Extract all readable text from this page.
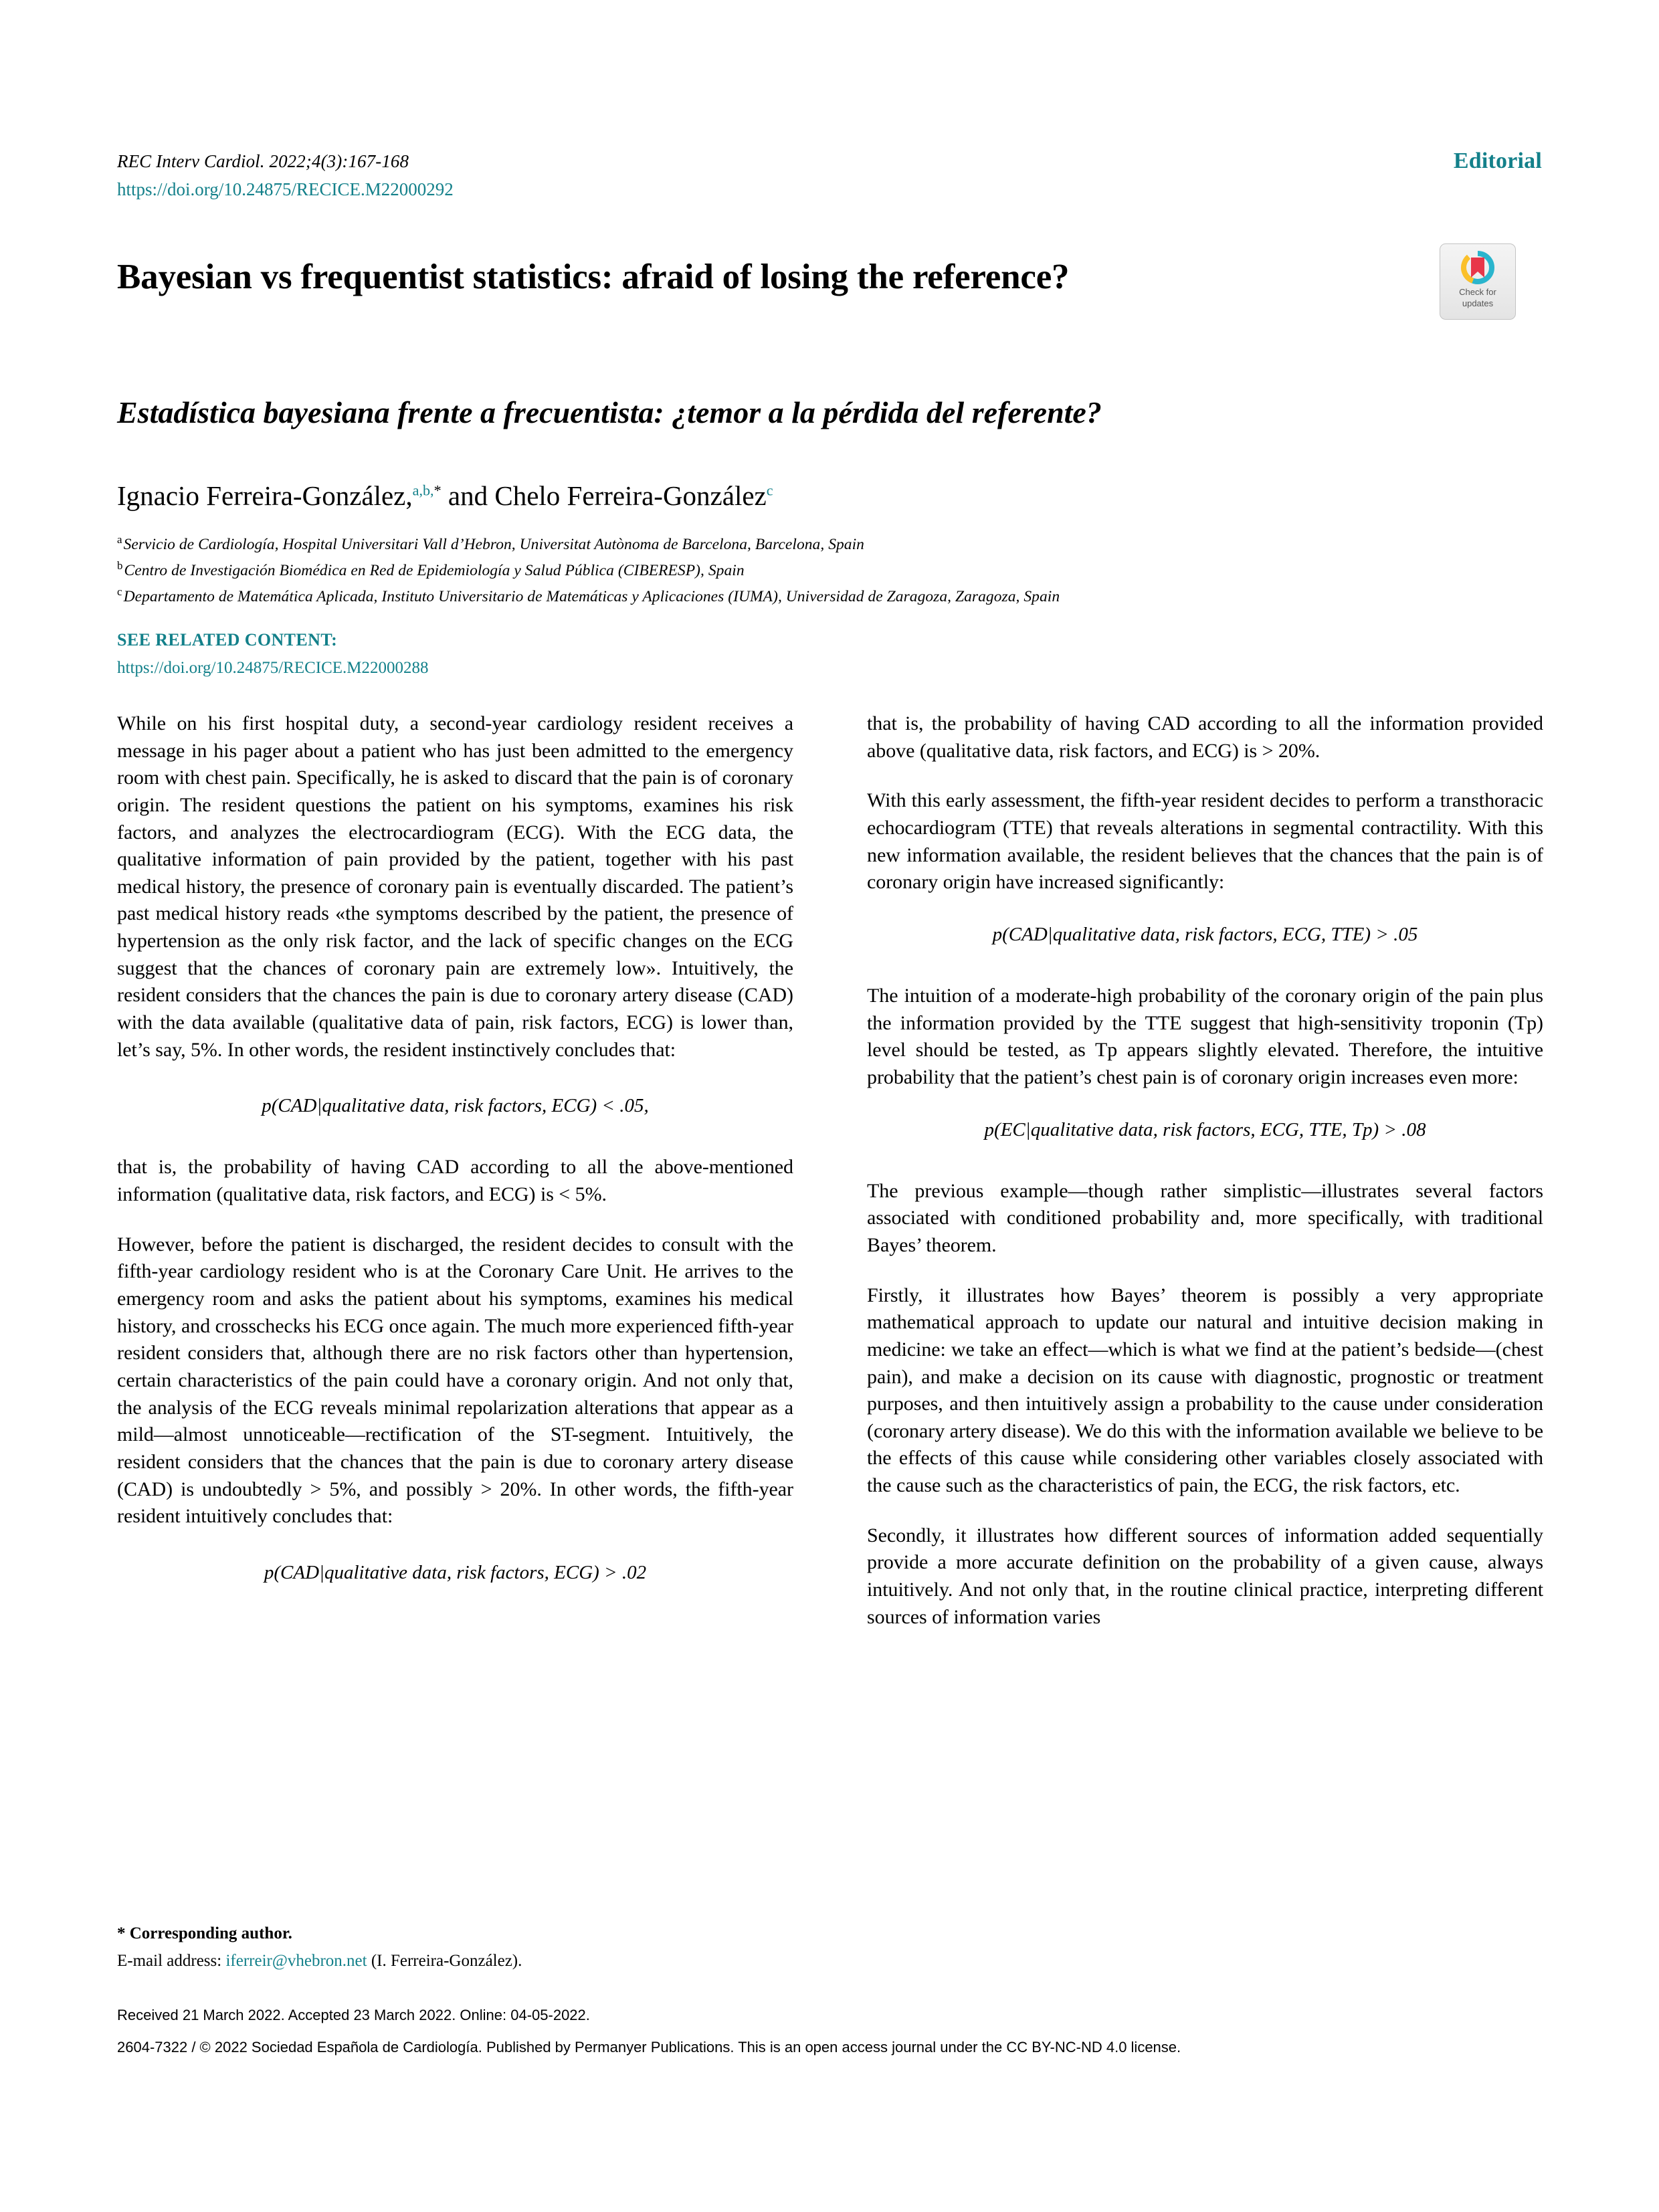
REC Interv Cardiol. 2022;4(3):167-168
https://doi.org/10.24875/RECICE.M22000292
Editorial
Check for
updates
Bayesian vs frequentist statistics: afraid of losing the reference?
Estadística bayesiana frente a frecuentista: ¿temor a la pérdida del referente?
Ignacio Ferreira-González,$^{a,b,*}$ and Chelo Ferreira-González$^c$
$^a$Servicio de Cardiología, Hospital Universitari Vall d’Hebron, Universitat Autònoma de Barcelona, Barcelona, Spain
$^b$Centro de Investigación Biomédica en Red de Epidemiología y Salud Pública (CIBERESP), Spain
$^c$Departamento de Matemática Aplicada, Instituto Universitario de Matemáticas y Aplicaciones (IUMA), Universidad de Zaragoza, Zaragoza, Spain
SEE RELATED CONTENT:
https://doi.org/10.24875/RECICE.M22000288

While on his first hospital duty, a second-year cardiology resident receives a message in his pager about a patient who has just been admitted to the emergency room with chest pain. Specifically, he is asked to discard that the pain is of coronary origin. The resident questions the patient on his symptoms, examines his risk factors, and analyzes the electrocardiogram (ECG). With the ECG data, the qualitative information of pain provided by the patient, together with his past medical history, the presence of coronary pain is eventually discarded. The patient’s past medical history reads «the symptoms described by the patient, the presence of hypertension as the only risk factor, and the lack of specific changes on the ECG suggest that the chances of coronary pain are extremely low». Intuitively, the resident considers that the chances the pain is due to coronary artery disease (CAD) with the data available (qualitative data of pain, risk factors, ECG) is lower than, let’s say, 5%. In other words, the resident instinctively concludes that:

p(CAD|qualitative data, risk factors, ECG) < .05,

that is, the probability of having CAD according to all the above-mentioned information (qualitative data, risk factors, and ECG) is < 5%.

However, before the patient is discharged, the resident decides to consult with the fifth-year cardiology resident who is at the Coronary Care Unit. He arrives to the emergency room and asks the patient about his symptoms, examines his medical history, and crosschecks his ECG once again. The much more experienced fifth-year resident considers that, although there are no risk factors other than hypertension, certain characteristics of the pain could have a coronary origin. And not only that, the analysis of the ECG reveals minimal repolarization alterations that appear as a mild—almost unnoticeable—rectification of the ST-segment. Intuitively, the resident considers that the chances that the pain is due to coronary artery disease (CAD) is undoubtedly > 5%, and possibly > 20%. In other words, the fifth-year resident intuitively concludes that:

p(CAD|qualitative data, risk factors, ECG) > .02

that is, the probability of having CAD according to all the information provided above (qualitative data, risk factors, and ECG) is > 20%.

With this early assessment, the fifth-year resident decides to perform a transthoracic echocardiogram (TTE) that reveals alterations in segmental contractility. With this new information available, the resident believes that the chances that the pain is of coronary origin have increased significantly:

p(CAD|qualitative data, risk factors, ECG, TTE) > .05

The intuition of a moderate-high probability of the coronary origin of the pain plus the information provided by the TTE suggest that high-sensitivity troponin (Tp) level should be tested, as Tp appears slightly elevated. Therefore, the intuitive probability that the patient’s chest pain is of coronary origin increases even more:

p(EC|qualitative data, risk factors, ECG, TTE, Tp) > .08

The previous example—though rather simplistic—illustrates several factors associated with conditioned probability and, more specifically, with traditional Bayes’ theorem.

Firstly, it illustrates how Bayes’ theorem is possibly a very appropriate mathematical approach to update our natural and intuitive decision making in medicine: we take an effect—which is what we find at the patient’s bedside—(chest pain), and make a decision on its cause with diagnostic, prognostic or treatment purposes, and then intuitively assign a probability to the cause under consideration (coronary artery disease). We do this with the information available we believe to be the effects of this cause while considering other variables closely associated with the cause such as the characteristics of pain, the ECG, the risk factors, etc.

Secondly, it illustrates how different sources of information added sequentially provide a more accurate definition on the probability of a given cause, always intuitively. And not only that, in the routine clinical practice, interpreting different sources of information varies

* Corresponding author.
E-mail address: iferreir@vhebron.net (I. Ferreira-González).
Received 21 March 2022. Accepted 23 March 2022. Online: 04-05-2022.
2604-7322 / © 2022 Sociedad Española de Cardiología. Published by Permanyer Publications. This is an open access journal under the CC BY-NC-ND 4.0 license.
